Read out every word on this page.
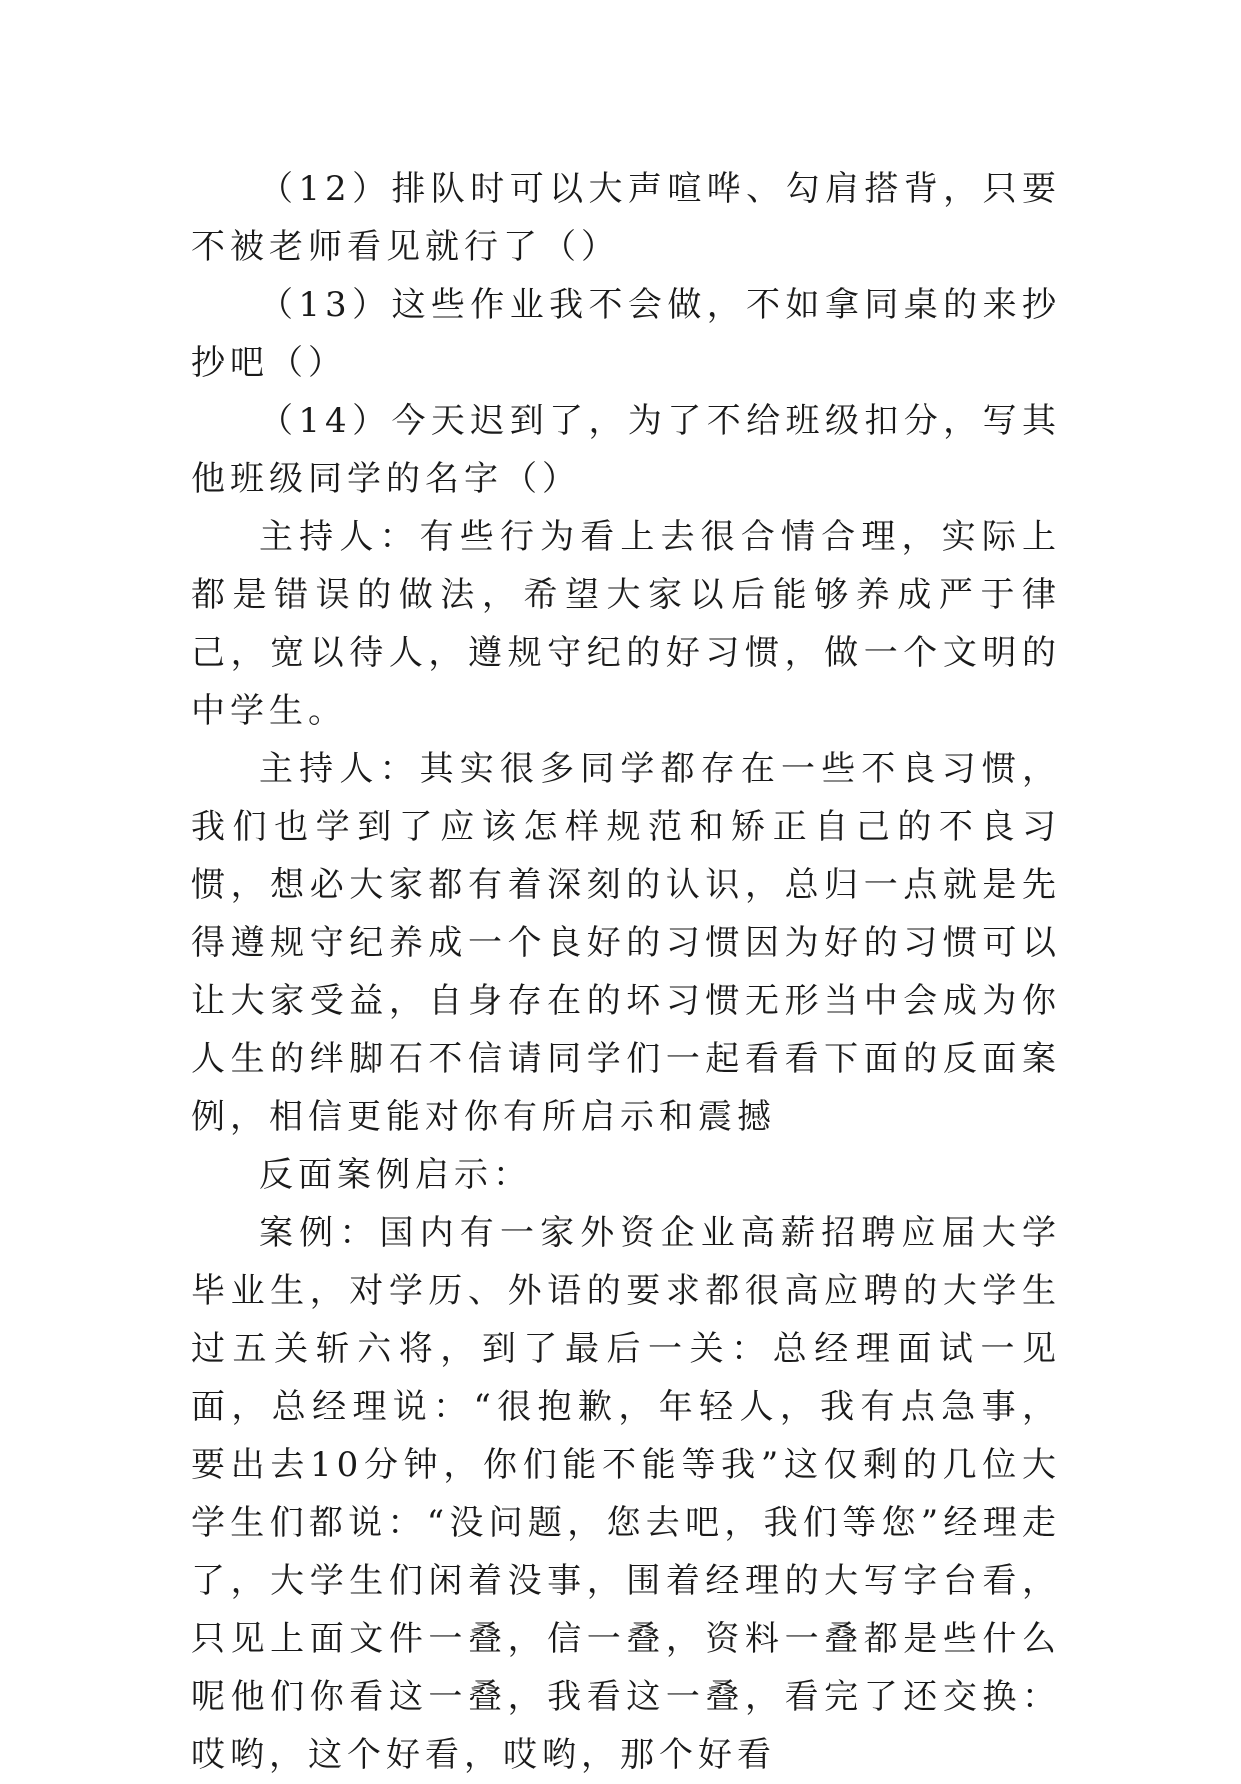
（12）排队时可以大声喧哗、勾肩搭背，只要不被老师看见就行了（）

（13）这些作业我不会做，不如拿同桌的来抄抄吧（）

（14）今天迟到了，为了不给班级扣分，写其他班级同学的名字（）

主持人：有些行为看上去很合情合理，实际上都是错误的做法，希望大家以后能够养成严于律己，宽以待人，遵规守纪的好习惯，做一个文明的中学生。

主持人：其实很多同学都存在一些不良习惯，我们也学到了应该怎样规范和矫正自己的不良习惯，想必大家都有着深刻的认识，总归一点就是先得遵规守纪养成一个良好的习惯因为好的习惯可以让大家受益，自身存在的坏习惯无形当中会成为你人生的绊脚石不信请同学们一起看看下面的反面案例，相信更能对你有所启示和震撼

反面案例启示：

案例：国内有一家外资企业高薪招聘应届大学毕业生，对学历、外语的要求都很高应聘的大学生过五关斩六将，到了最后一关：总经理面试一见面，总经理说：“很抱歉，年轻人，我有点急事，要出去10分钟，你们能不能等我”这仅剩的几位大学生们都说：“没问题，您去吧，我们等您”经理走了，大学生们闲着没事，围着经理的大写字台看，只见上面文件一叠，信一叠，资料一叠都是些什么呢他们你看这一叠，我看这一叠，看完了还交换：哎哟，这个好看，哎哟，那个好看
